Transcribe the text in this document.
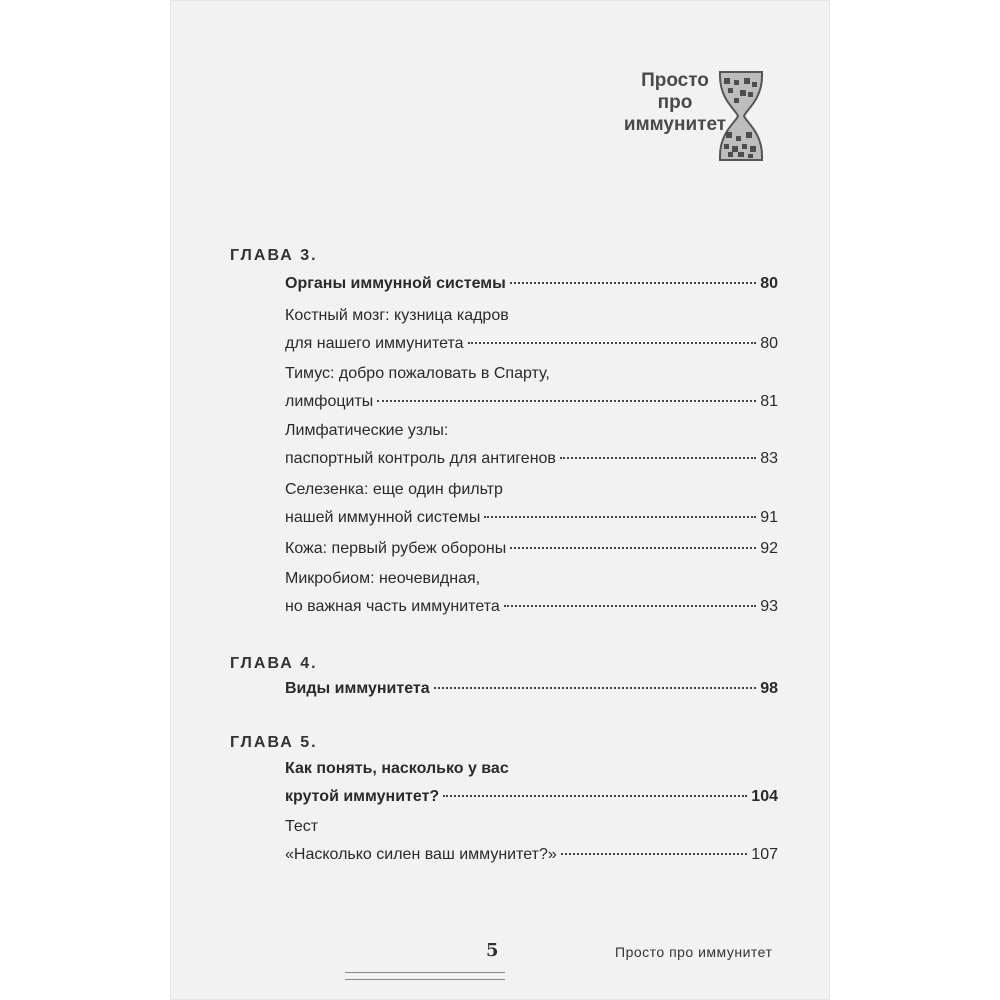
Просто
про
иммунитет
ГЛАВА 3.
ГЛАВА 4.
ГЛАВА 5.
Органы иммунной системы	80
Костный мозг: кузница кадров
для нашего иммунитета	80
Тимус: добро пожаловать в Спарту,
лимфоциты	81
Лимфатические узлы:
паспортный контроль для антигенов	83
Селезенка: еще один фильтр
нашей иммунной системы	91
Кожа: первый рубеж обороны	92
Микробиом: неочевидная,
но важная часть иммунитета	93
Виды иммунитета	98
Как понять, насколько у вас
крутой иммунитет?	104
Тест
«Насколько силен ваш иммунитет?»	107
5	Просто про иммунитет
